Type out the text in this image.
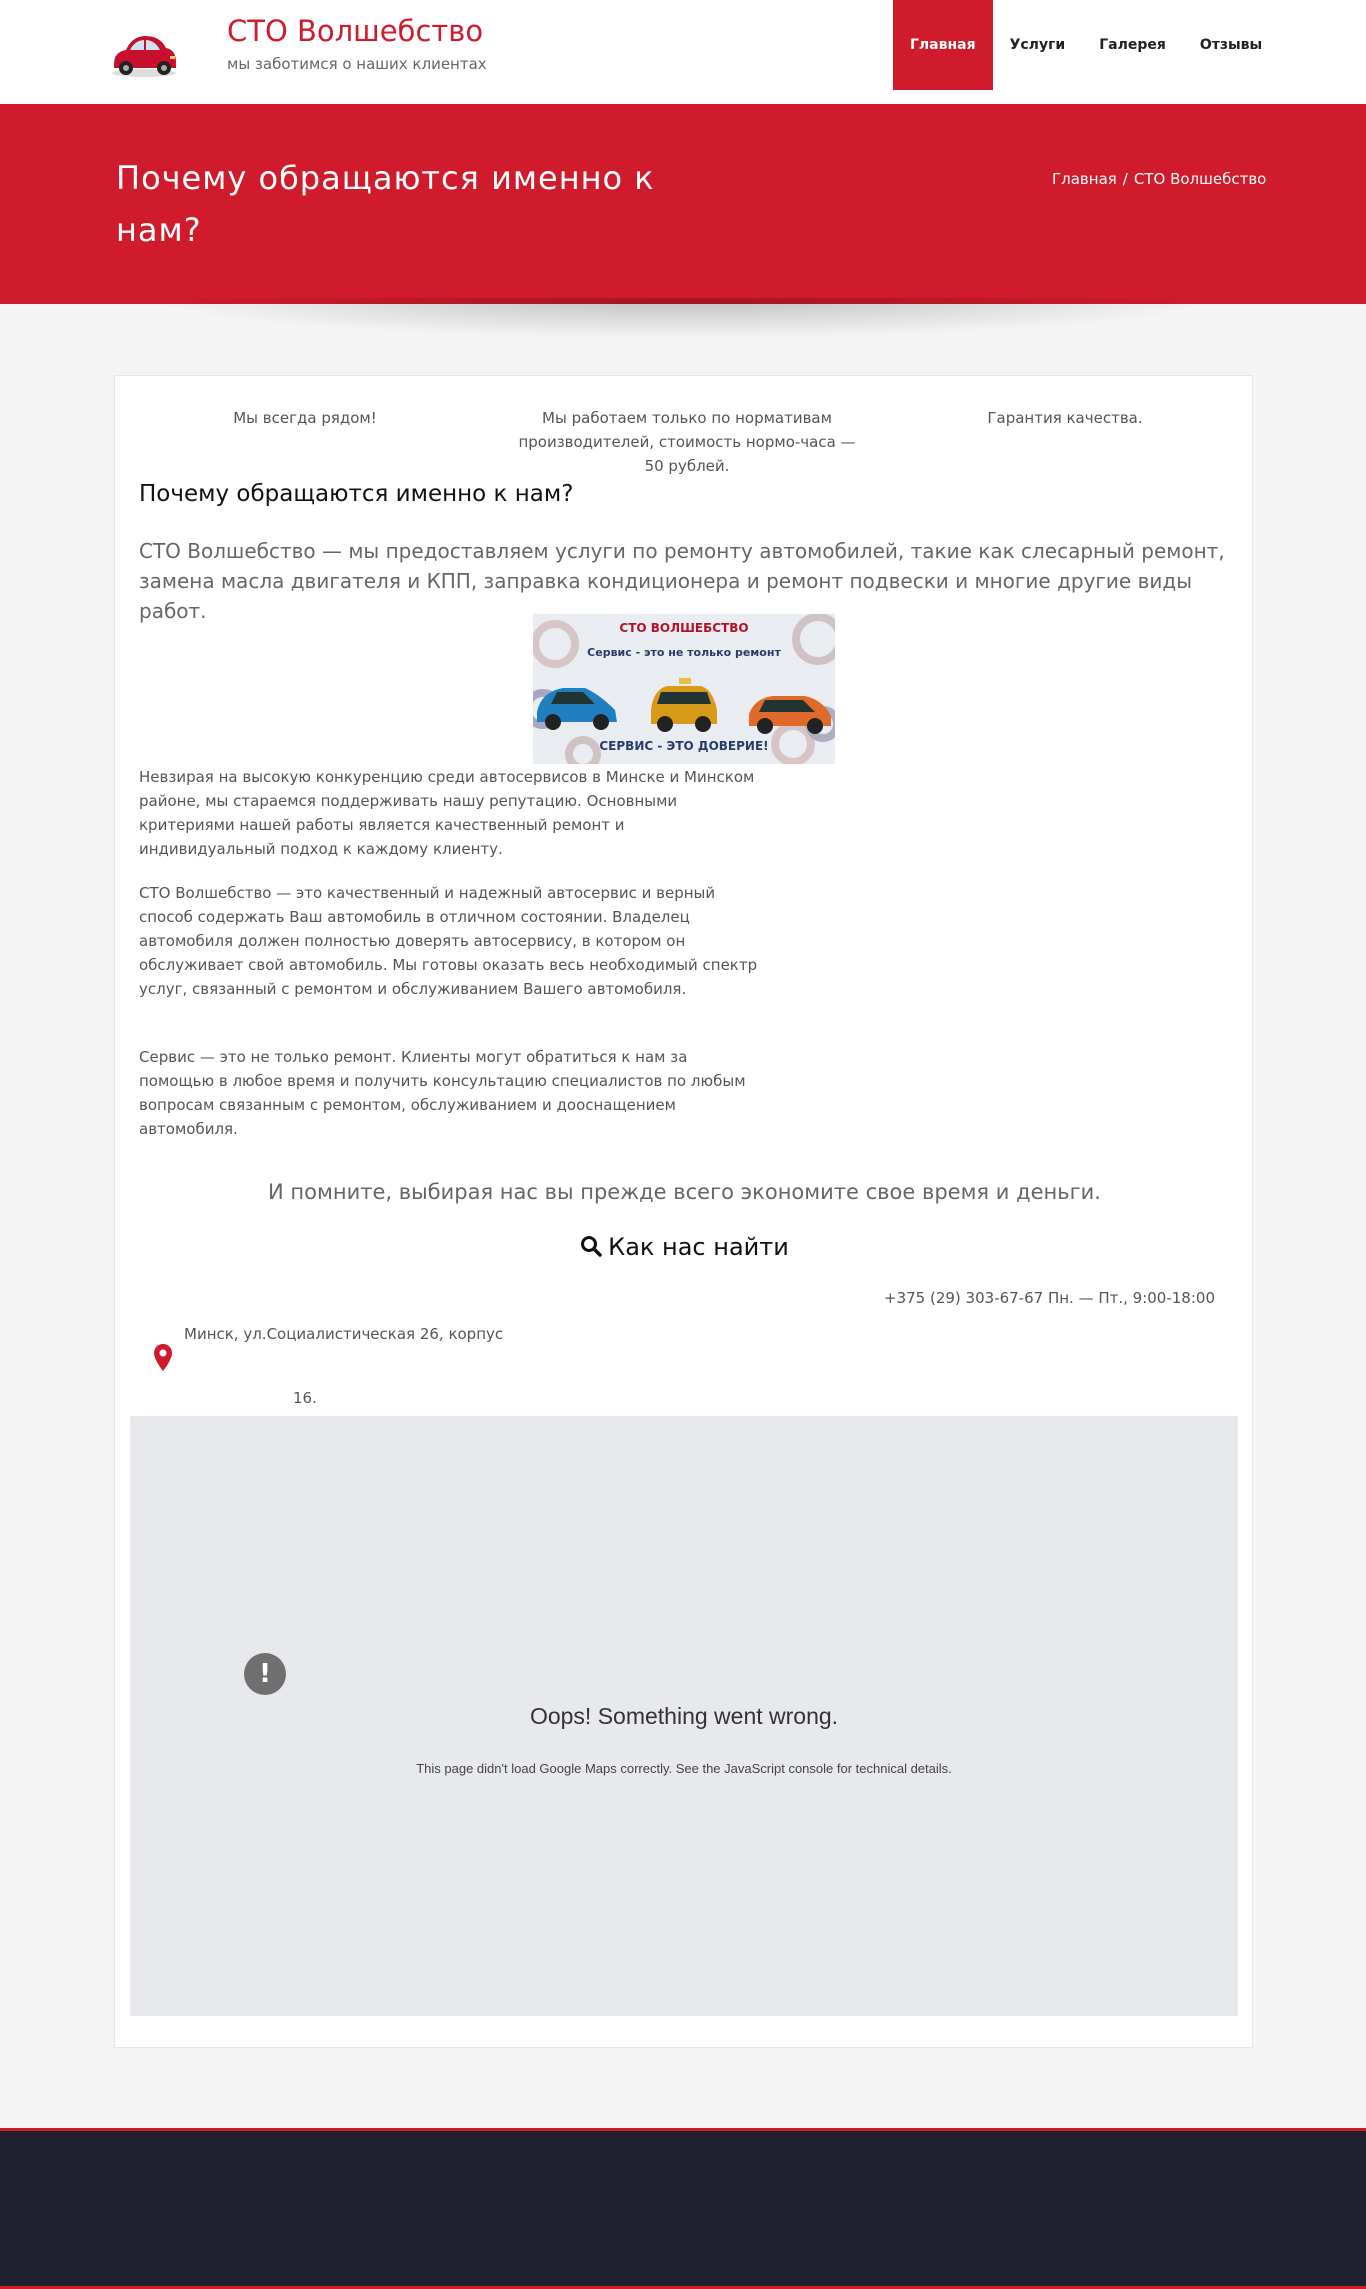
СТО Волшебство
мы заботимся о наших клиентах
Главная	Услуги	Галерея	Отзывы
Почему обращаются именно к нам?
Главная / СТО Волшебство
Мы всегда рядом!	Мы работаем только по нормативам производителей, стоимость нормо-часа — 50 рублей.
Гарантия качества.
Почему обращаются именно к нам?
СТО Волшебство — мы предоставляем услуги по ремонту автомобилей, такие как слесарный ремонт, замена масла двигателя и КПП, заправка кондиционера и ремонт подвески и многие другие виды работ.
СТО ВОЛШЕБСТВО
Сервис - это не только ремонт
СЕРВИС - ЭТО ДОВЕРИЕ!
Невзирая на высокую конкуренцию среди автосервисов в Минске и Минском районе, мы стараемся поддерживать нашу репутацию. Основными критериями нашей работы является качественный ремонт и индивидуальный подход к каждому клиенту.
СТО Волшебство — это качественный и надежный автосервис и верный способ содержать Ваш автомобиль в отличном состоянии. Владелец автомобиля должен полностью доверять автосервису, в котором он обслуживает свой автомобиль. Мы готовы оказать весь необходимый спектр услуг, связанный с ремонтом и обслуживанием Вашего автомобиля.
Сервис — это не только ремонт. Клиенты могут обратиться к нам за помощью в любое время и получить консультацию специалистов по любым вопросам связанным с ремонтом, обслуживанием и дооснащением автомобиля.
И помните, выбирая нас вы прежде всего экономите свое время и деньги.
Как нас найти
+375 (29) 303-67-67 Пн. — Пт., 9:00-18:00
Минск, ул.Социалистическая 26, корпус
16.
!
Oops! Something went wrong.
This page didn't load Google Maps correctly. See the JavaScript console for technical details.
